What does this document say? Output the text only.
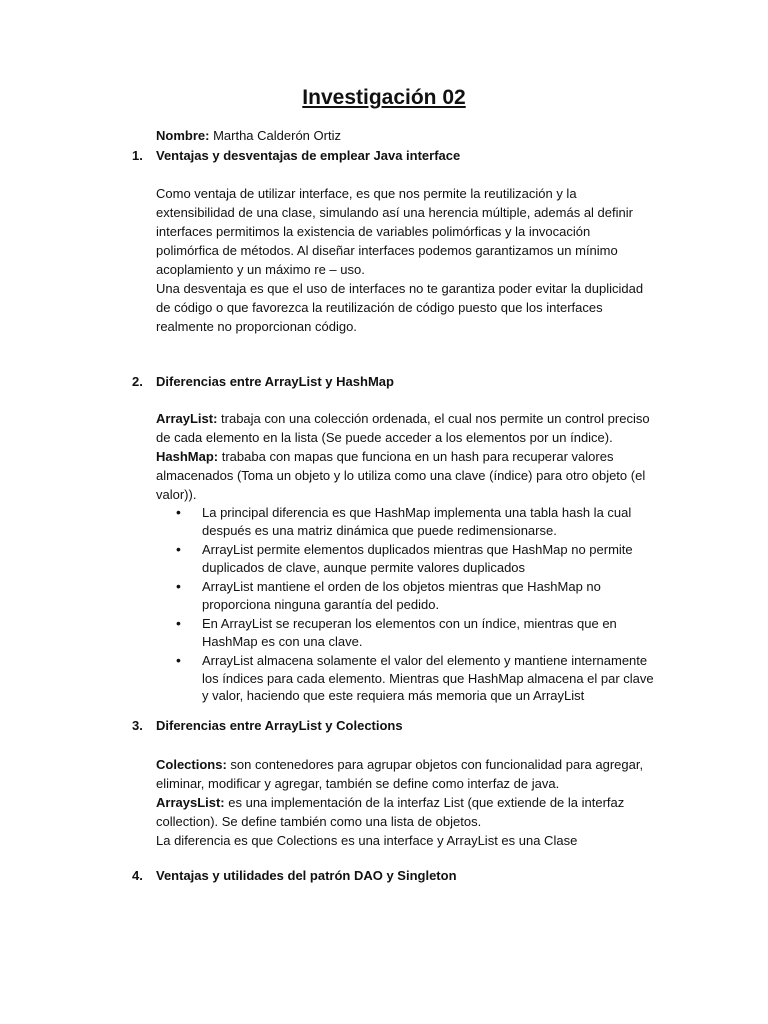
Investigación 02
Nombre: Martha Calderón Ortiz
1. Ventajas y desventajas de emplear Java interface

Como ventaja de utilizar interface, es que nos permite la reutilización y la extensibilidad de una clase, simulando así una herencia múltiple, además al definir interfaces permitimos la existencia de variables polimórficas y la invocación polimórfica de métodos. Al diseñar interfaces podemos garantizamos un mínimo acoplamiento y un máximo re – uso.

Una desventaja es que el uso de interfaces no te garantiza poder evitar la duplicidad de código o que favorezca la reutilización de código puesto que los interfaces realmente no proporcionan código.

2. Diferencias entre ArrayList y HashMap

ArrayList: trabaja con una colección ordenada, el cual nos permite un control preciso de cada elemento en la lista (Se puede acceder a los elementos por un índice).

HashMap: trababa con mapas que funciona en un hash para recuperar valores almacenados (Toma un objeto y lo utiliza como una clave (índice) para otro objeto (el valor)).

• La principal diferencia es que HashMap implementa una tabla hash la cual después es una matriz dinámica que puede redimensionarse.
• ArrayList permite elementos duplicados mientras que HashMap no permite duplicados de clave, aunque permite valores duplicados
• ArrayList mantiene el orden de los objetos mientras que HashMap no proporciona ninguna garantía del pedido.
• En ArrayList se recuperan los elementos con un índice, mientras que en HashMap es con una clave.
• ArrayList almacena solamente el valor del elemento y mantiene internamente los índices para cada elemento. Mientras que HashMap almacena el par clave y valor, haciendo que este requiera más memoria que un ArrayList
3. Diferencias entre ArrayList y Colections

Colections: son contenedores para agrupar objetos con funcionalidad para agregar, eliminar, modificar y agregar, también se define como interfaz de java.

ArraysList: es una implementación de la interfaz List (que extiende de la interfaz collection). Se define también como una lista de objetos.

La diferencia es que Colections es una interface y ArrayList es una Clase

4. Ventajas y utilidades del patrón DAO y Singleton
